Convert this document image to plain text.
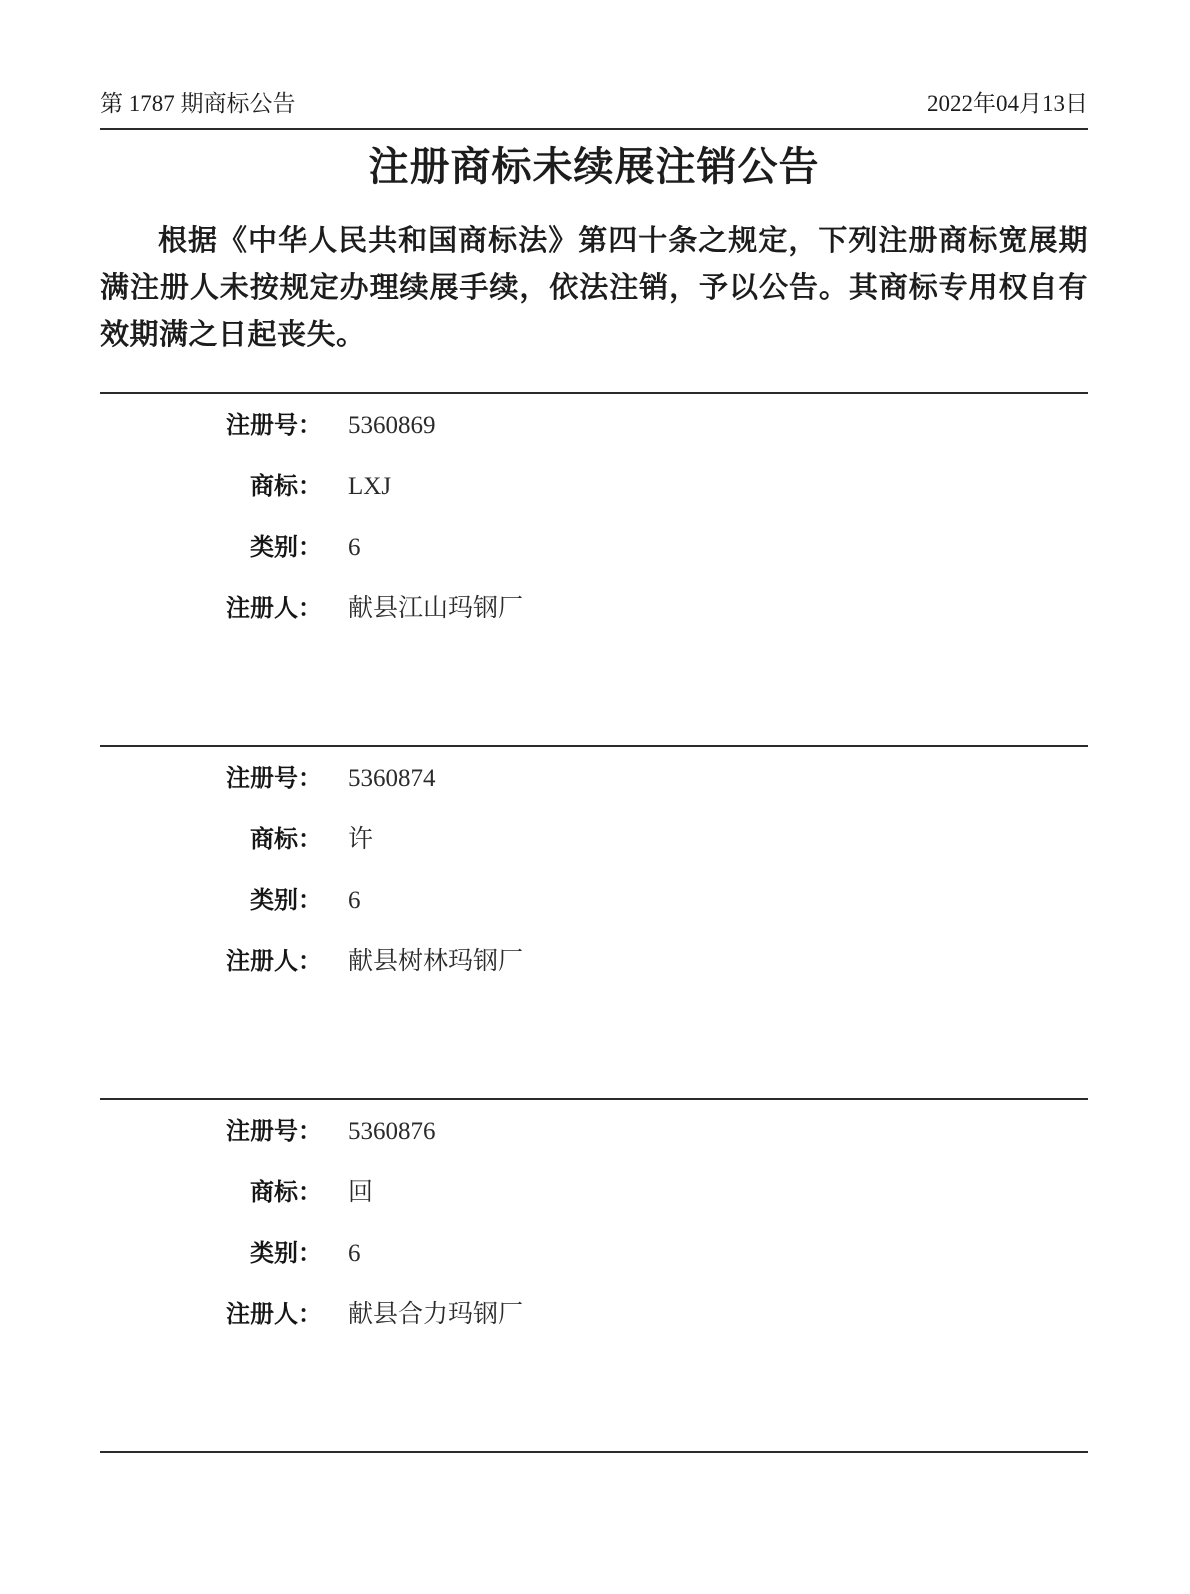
第 1787 期商标公告	2022年04月13日
注册商标未续展注销公告

根据《中华人民共和国商标法》第四十条之规定，下列注册商标宽展期满注册人未按规定办理续展手续，依法注销，予以公告。其商标专用权自有效期满之日起丧失。

注册号： 5360869
商标： LXJ
类别： 6
注册人： 献县江山玛钢厂
注册号： 5360874
商标： 许
类别： 6
注册人： 献县树林玛钢厂
注册号： 5360876
商标： 回
类别： 6
注册人： 献县合力玛钢厂
